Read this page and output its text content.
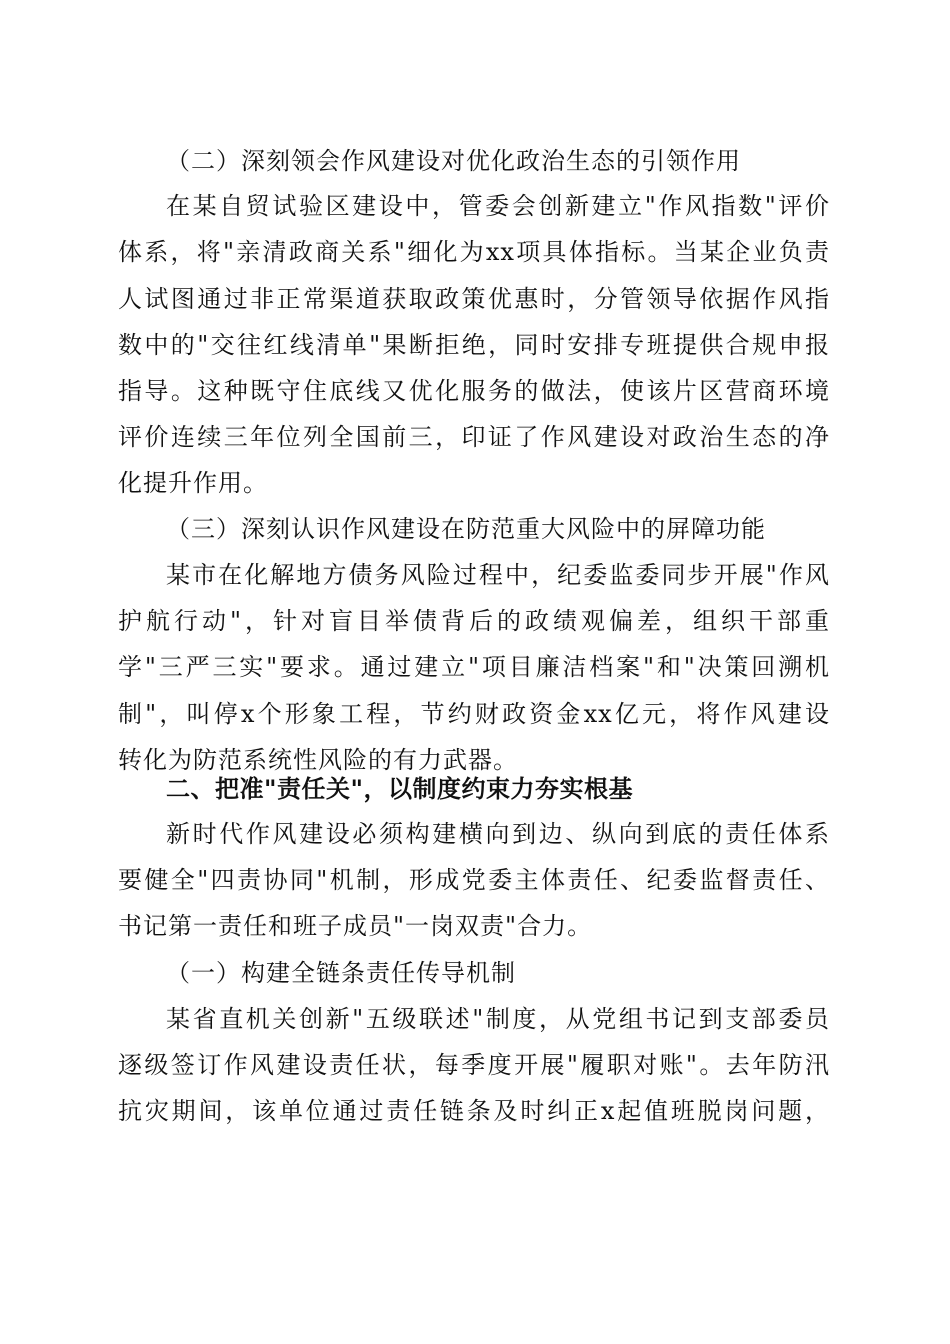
（二）深刻领会作风建设对优化政治生态的引领作用
在某自贸试验区建设中，管委会创新建立"作风指数"评价
体系，将"亲清政商关系"细化为xx项具体指标。当某企业负责
人试图通过非正常渠道获取政策优惠时，分管领导依据作风指
数中的"交往红线清单"果断拒绝，同时安排专班提供合规申报
指导。这种既守住底线又优化服务的做法，使该片区营商环境
评价连续三年位列全国前三，印证了作风建设对政治生态的净
化提升作用。
（三）深刻认识作风建设在防范重大风险中的屏障功能
某市在化解地方债务风险过程中，纪委监委同步开展"作风
护航行动"，针对盲目举债背后的政绩观偏差，组织干部重
学"三严三实"要求。通过建立"项目廉洁档案"和"决策回溯机
制"，叫停x个形象工程，节约财政资金xx亿元，将作风建设
转化为防范系统性风险的有力武器。
二、把准"责任关"，以制度约束力夯实根基
新时代作风建设必须构建横向到边、纵向到底的责任体系
要健全"四责协同"机制，形成党委主体责任、纪委监督责任、
书记第一责任和班子成员"一岗双责"合力。
（一）构建全链条责任传导机制
某省直机关创新"五级联述"制度，从党组书记到支部委员
逐级签订作风建设责任状，每季度开展"履职对账"。去年防汛
抗灾期间，该单位通过责任链条及时纠正x起值班脱岗问题，
